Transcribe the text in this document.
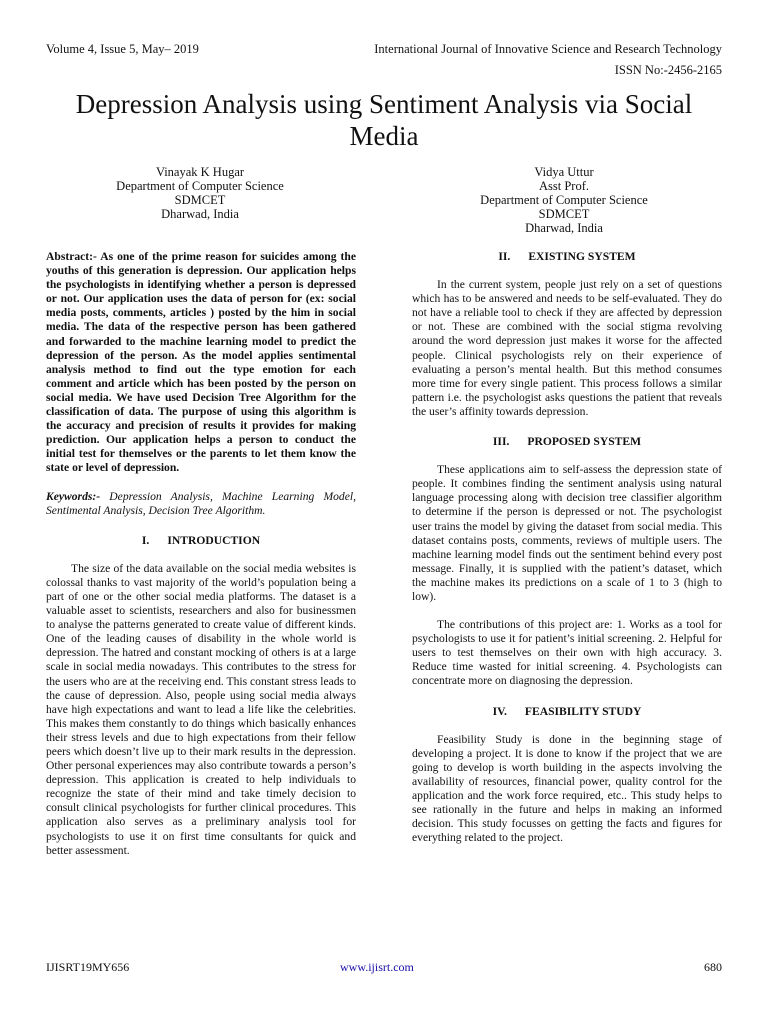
Volume 4, Issue 5, May– 2019	International Journal of Innovative Science and Research Technology
ISSN No:-2456-2165
Depression Analysis using Sentiment Analysis via Social Media
Vinayak K Hugar
Department of Computer Science
SDMCET
Dharwad, India
Vidya Uttur
Asst Prof.
Department of Computer Science
SDMCET
Dharwad, India

Abstract:- As one of the prime reason for suicides among the youths of this generation is depression. Our application helps the psychologists in identifying whether a person is depressed or not. Our application uses the data of person for (ex: social media posts, comments, articles ) posted by the him in social media. The data of the respective person has been gathered and forwarded to the machine learning model to predict the depression of the person. As the model applies sentimental analysis method to find out the type emotion for each comment and article which has been posted by the person on social media. We have used Decision Tree Algorithm for the classification of data. The purpose of using this algorithm is the accuracy and precision of results it provides for making prediction. Our application helps a person to conduct the initial test for themselves or the parents to let them know the state or level of depression.

Keywords:- Depression Analysis, Machine Learning Model, Sentimental Analysis, Decision Tree Algorithm.

I. INTRODUCTION

The size of the data available on the social media websites is colossal thanks to vast majority of the world’s population being a part of one or the other social media platforms. The dataset is a valuable asset to scientists, researchers and also for businessmen to analyse the patterns generated to create value of different kinds. One of the leading causes of disability in the whole world is depression. The hatred and constant mocking of others is at a large scale in social media nowadays. This contributes to the stress for the users who are at the receiving end. This constant stress leads to the cause of depression. Also, people using social media always have high expectations and want to lead a life like the celebrities. This makes them constantly to do things which basically enhances their stress levels and due to high expectations from their fellow peers which doesn’t live up to their mark results in the depression. Other personal experiences may also contribute towards a person’s depression. This application is created to help individuals to recognize the state of their mind and take timely decision to consult clinical psychologists for further clinical procedures. This application also serves as a preliminary analysis tool for psychologists to use it on first time consultants for quick and better assessment.

II. EXISTING SYSTEM

In the current system, people just rely on a set of questions which has to be answered and needs to be self-evaluated. They do not have a reliable tool to check if they are affected by depression or not. These are combined with the social stigma revolving around the word depression just makes it worse for the affected people. Clinical psychologists rely on their experience of evaluating a person’s mental health. But this method consumes more time for every single patient. This process follows a similar pattern i.e. the psychologist asks questions the patient that reveals the user’s affinity towards depression.

III. PROPOSED SYSTEM

These applications aim to self-assess the depression state of people. It combines finding the sentiment analysis using natural language processing along with decision tree classifier algorithm to determine if the person is depressed or not. The psychologist user trains the model by giving the dataset from social media. This dataset contains posts, comments, reviews of multiple users. The machine learning model finds out the sentiment behind every post message. Finally, it is supplied with the patient’s dataset, which the machine makes its predictions on a scale of 1 to 3 (high to low).

The contributions of this project are: 1. Works as a tool for psychologists to use it for patient’s initial screening. 2. Helpful for users to test themselves on their own with high accuracy. 3. Reduce time wasted for initial screening. 4. Psychologists can concentrate more on diagnosing the depression.

IV. FEASIBILITY STUDY

Feasibility Study is done in the beginning stage of developing a project. It is done to know if the project that we are going to develop is worth building in the aspects involving the availability of resources, financial power, quality control for the application and the work force required, etc.. This study helps to see rationally in the future and helps in making an informed decision. This study focusses on getting the facts and figures for everything related to the project.

IJISRT19MY656	www.ijisrt.com	680
